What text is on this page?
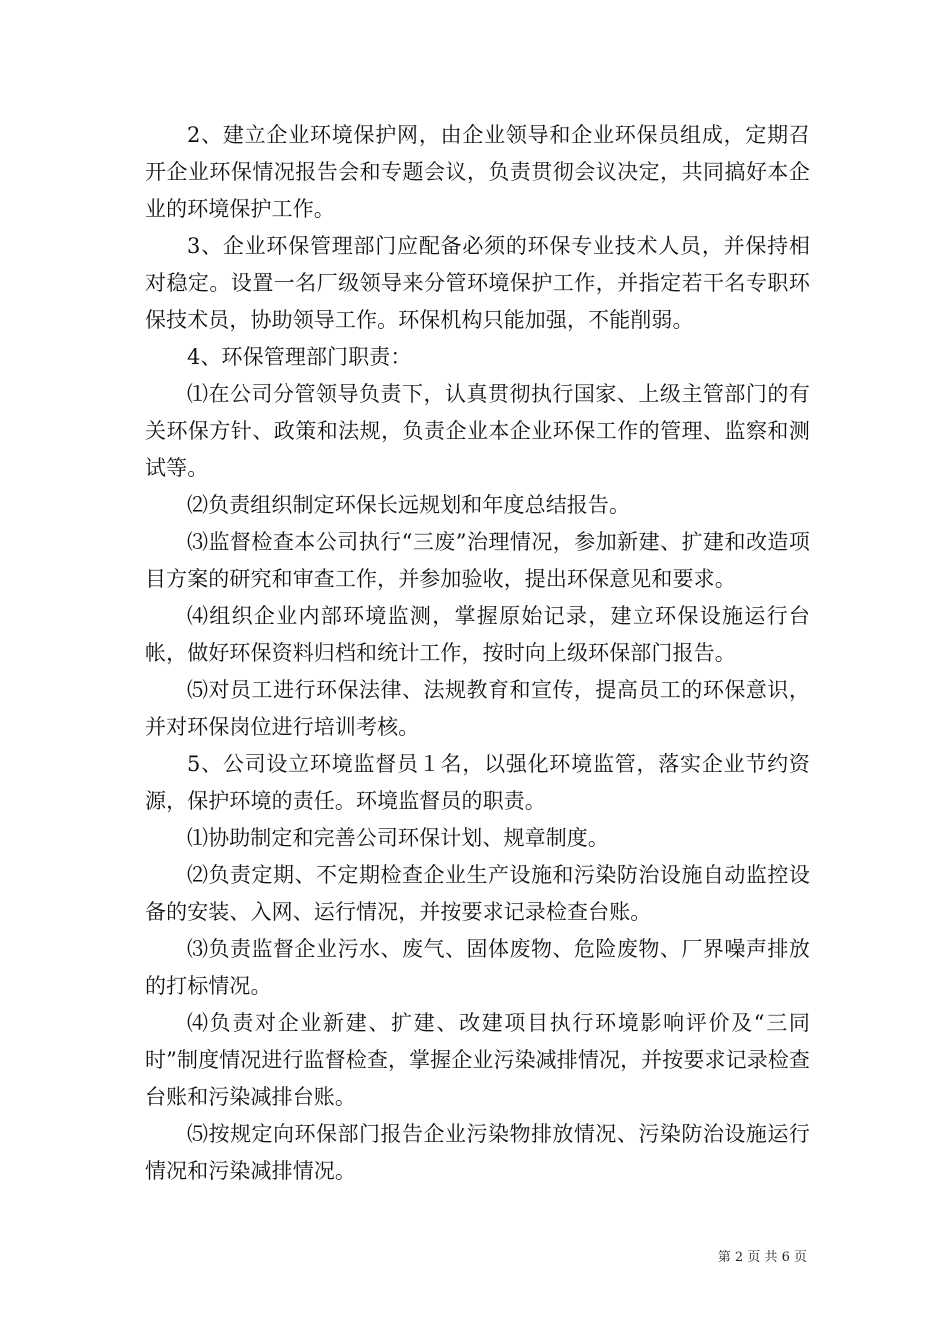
2、建立企业环境保护网，由企业领导和企业环保员组成，定期召开企业环保情况报告会和专题会议，负责贯彻会议决定，共同搞好本企业的环境保护工作。

3、企业环保管理部门应配备必须的环保专业技术人员，并保持相对稳定。设置一名厂级领导来分管环境保护工作，并指定若干名专职环保技术员，协助领导工作。环保机构只能加强，不能削弱。

4、环保管理部门职责：

⑴在公司分管领导负责下，认真贯彻执行国家、上级主管部门的有关环保方针、政策和法规，负责企业本企业环保工作的管理、监察和测试等。

⑵负责组织制定环保长远规划和年度总结报告。

⑶监督检查本公司执行“三废”治理情况，参加新建、扩建和改造项目方案的研究和审查工作，并参加验收，提出环保意见和要求。

⑷组织企业内部环境监测，掌握原始记录，建立环保设施运行台帐，做好环保资料归档和统计工作，按时向上级环保部门报告。

⑸对员工进行环保法律、法规教育和宣传，提高员工的环保意识，并对环保岗位进行培训考核。

5、公司设立环境监督员１名，以强化环境监管，落实企业节约资源，保护环境的责任。环境监督员的职责。

⑴协助制定和完善公司环保计划、规章制度。

⑵负责定期、不定期检查企业生产设施和污染防治设施自动监控设备的安装、入网、运行情况，并按要求记录检查台账。

⑶负责监督企业污水、废气、固体废物、危险废物、厂界噪声排放的打标情况。

⑷负责对企业新建、扩建、改建项目执行环境影响评价及“三同时”制度情况进行监督检查，掌握企业污染减排情况，并按要求记录检查台账和污染减排台账。

⑸按规定向环保部门报告企业污染物排放情况、污染防治设施运行情况和污染减排情况。

第 2 页 共 6 页
